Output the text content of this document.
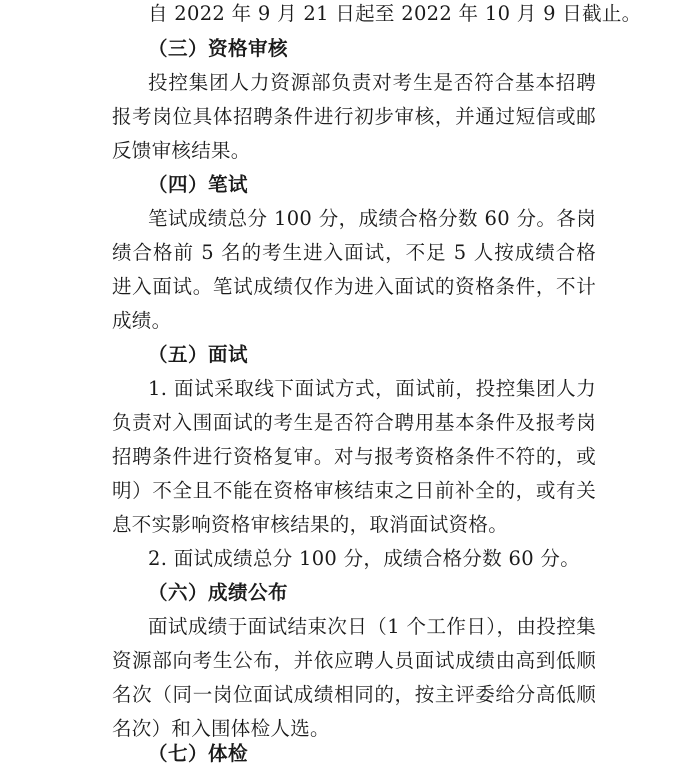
自 2022 年 9 月 21 日起至 2022 年 10 月 9 日截止。
（三）资格审核
投控集团人力资源部负责对考生是否符合基本招聘
报考岗位具体招聘条件进行初步审核，并通过短信或邮
反馈审核结果。
（四）笔试
笔试成绩总分 100 分，成绩合格分数 60 分。各岗
绩合格前 5 名的考生进入面试，不足 5 人按成绩合格
进入面试。笔试成绩仅作为进入面试的资格条件，不计
成绩。
（五）面试
1. 面试采取线下面试方式，面试前，投控集团人力
负责对入围面试的考生是否符合聘用基本条件及报考岗
招聘条件进行资格复审。对与报考资格条件不符的，或
明）不全且不能在资格审核结束之日前补全的，或有关
息不实影响资格审核结果的，取消面试资格。
2. 面试成绩总分 100 分，成绩合格分数 60 分。
（六）成绩公布
面试成绩于面试结束次日（1 个工作日），由投控集
资源部向考生公布，并依应聘人员面试成绩由高到低顺
名次（同一岗位面试成绩相同的，按主评委给分高低顺
名次）和入围体检人选。
（七）体检
